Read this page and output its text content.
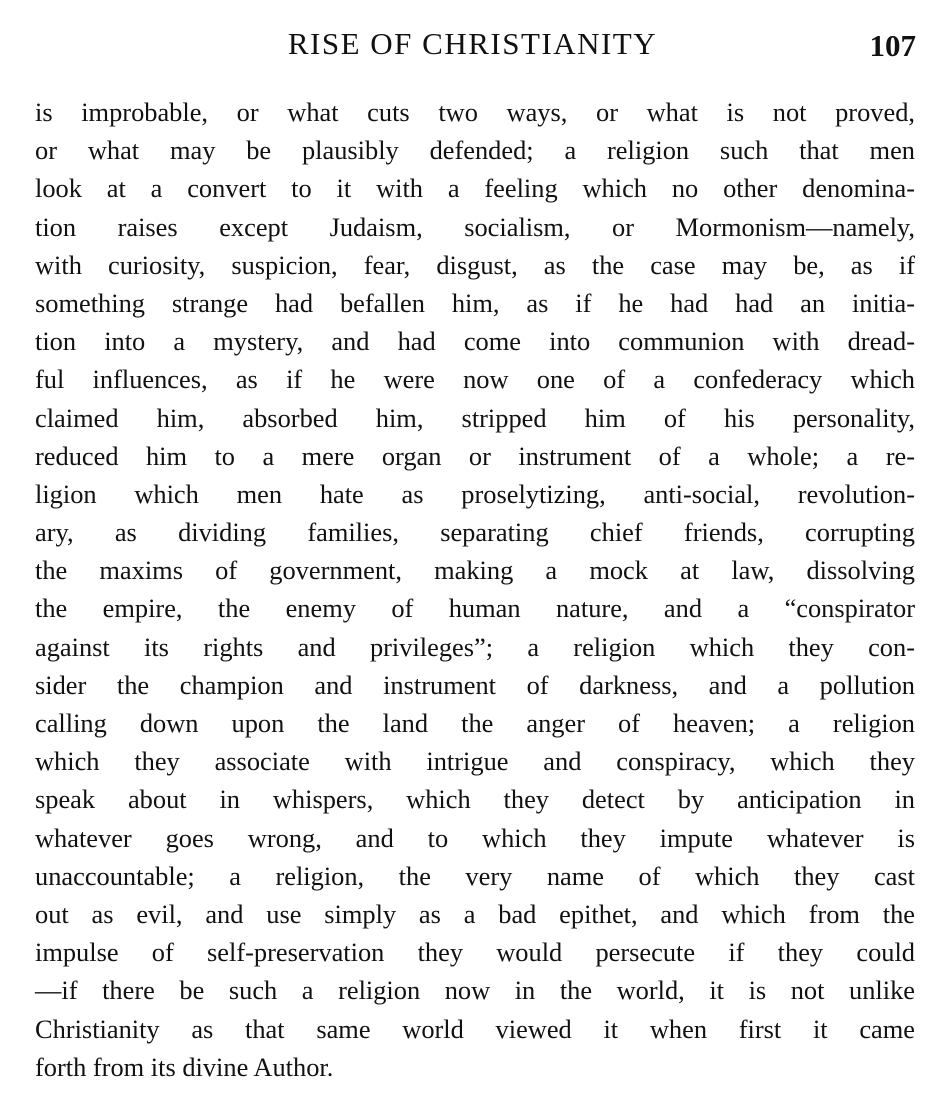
RISE OF CHRISTIANITY	107
is improbable, or what cuts two ways, or what is not proved,
or what may be plausibly defended; a religion such that men
look at a convert to it with a feeling which no other denomina-
tion raises except Judaism, socialism, or Mormonism—namely,
with curiosity, suspicion, fear, disgust, as the case may be, as if
something strange had befallen him, as if he had had an initia-
tion into a mystery, and had come into communion with dread-
ful influences, as if he were now one of a confederacy which
claimed him, absorbed him, stripped him of his personality,
reduced him to a mere organ or instrument of a whole; a re-
ligion which men hate as proselytizing, anti-social, revolution-
ary, as dividing families, separating chief friends, corrupting
the maxims of government, making a mock at law, dissolving
the empire, the enemy of human nature, and a “conspirator
against its rights and privileges”; a religion which they con-
sider the champion and instrument of darkness, and a pollution
calling down upon the land the anger of heaven; a religion
which they associate with intrigue and conspiracy, which they
speak about in whispers, which they detect by anticipation in
whatever goes wrong, and to which they impute whatever is
unaccountable; a religion, the very name of which they cast
out as evil, and use simply as a bad epithet, and which from the
impulse of self-preservation they would persecute if they could
—if there be such a religion now in the world, it is not unlike
Christianity as that same world viewed it when first it came
forth from its divine Author.
